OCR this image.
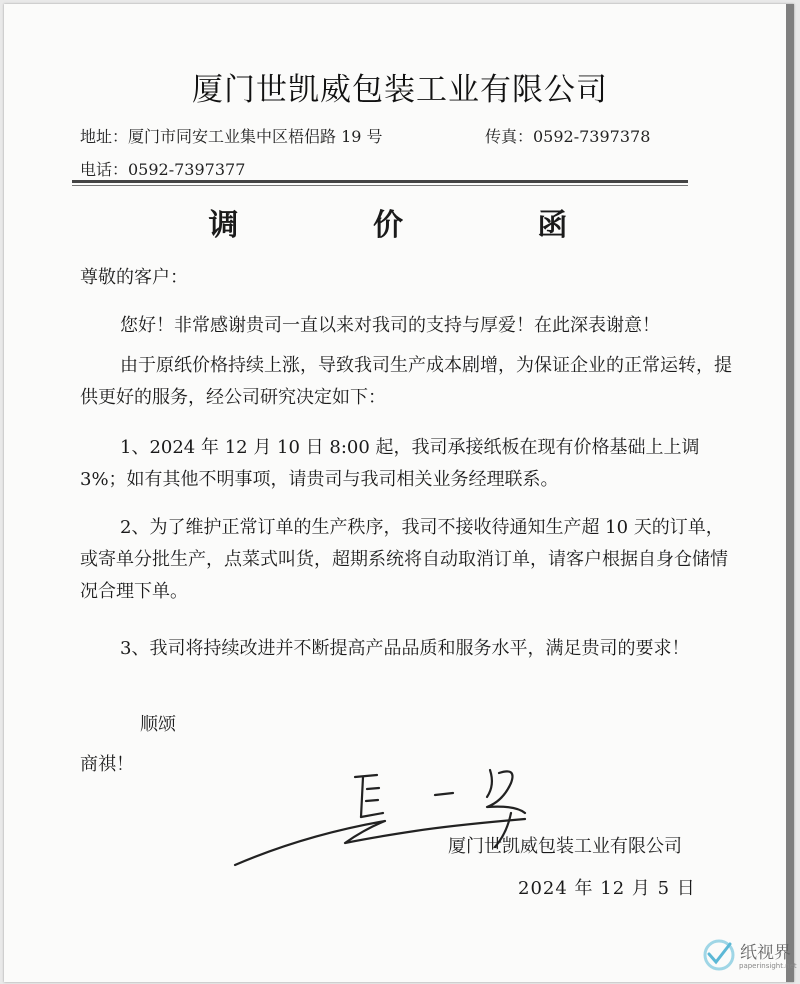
厦门世凯威包装工业有限公司
地址：厦门市同安工业集中区梧侣路 19 号	传真：0592-7397378
电话：0592-7397377
调 价 函
尊敬的客户：
您好！非常感谢贵司一直以来对我司的支持与厚爱！在此深表谢意！
由于原纸价格持续上涨，导致我司生产成本剧增，为保证企业的正常运转，提供更好的服务，经公司研究决定如下：
1、2024 年 12 月 10 日 8:00 起，我司承接纸板在现有价格基础上上调 3%；如有其他不明事项，请贵司与我司相关业务经理联系。
2、为了维护正常订单的生产秩序，我司不接收待通知生产超 10 天的订单，或寄单分批生产，点菜式叫货，超期系统将自动取消订单，请客户根据自身仓储情况合理下单。
3、我司将持续改进并不断提高产品品质和服务水平，满足贵司的要求！
顺颂
商祺！
厦门世凯威包装工业有限公司
2024 年 12 月 5 日
纸视界
paperinsight.net
